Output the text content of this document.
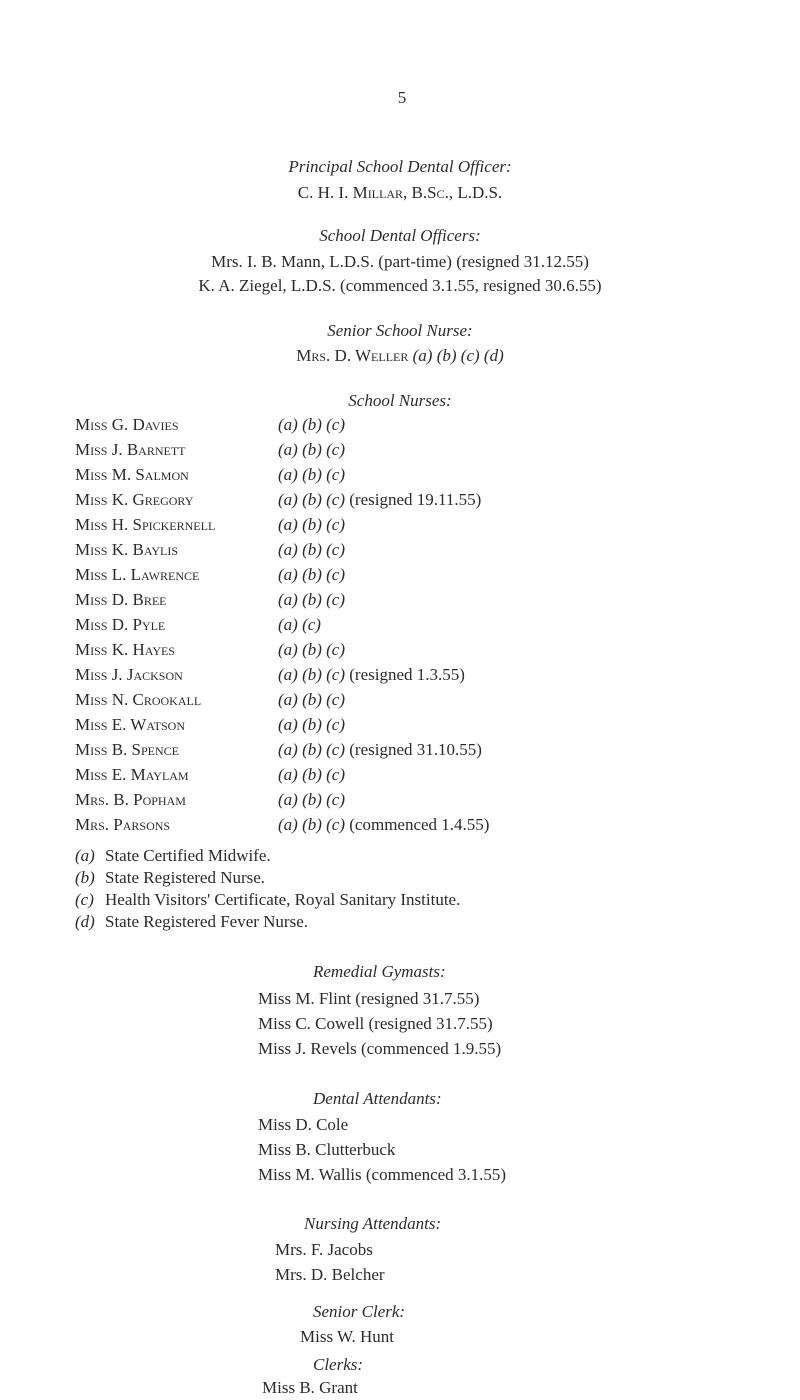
5
Principal School Dental Officer:
C. H. I. Millar, B.Sc., L.D.S.
School Dental Officers:
Mrs. I. B. Mann, L.D.S. (part-time) (resigned 31.12.55)
K. A. Ziegel, L.D.S. (commenced 3.1.55, resigned 30.6.55)
Senior School Nurse:
Mrs. D. Weller (a) (b) (c) (d)
School Nurses:
Miss G. Davies	(a) (b) (c)
Miss J. Barnett	(a) (b) (c)
Miss M. Salmon	(a) (b) (c)
Miss K. Gregory	(a) (b) (c) (resigned 19.11.55)
Miss H. Spickernell	(a) (b) (c)
Miss K. Baylis	(a) (b) (c)
Miss L. Lawrence	(a) (b) (c)
Miss D. Bree	(a) (b) (c)
Miss D. Pyle	(a) (c)
Miss K. Hayes	(a) (b) (c)
Miss J. Jackson	(a) (b) (c) (resigned 1.3.55)
Miss N. Crookall	(a) (b) (c)
Miss E. Watson	(a) (b) (c)
Miss B. Spence	(a) (b) (c) (resigned 31.10.55)
Miss E. Maylam	(a) (b) (c)
Mrs. B. Popham	(a) (b) (c)
Mrs. Parsons	(a) (b) (c) (commenced 1.4.55)
(a) State Certified Midwife.
(b) State Registered Nurse.
(c) Health Visitors' Certificate, Royal Sanitary Institute.
(d) State Registered Fever Nurse.
Remedial Gymasts:
Miss M. Flint (resigned 31.7.55)
Miss C. Cowell (resigned 31.7.55)
Miss J. Revels (commenced 1.9.55)
Dental Attendants:
Miss D. Cole
Miss B. Clutterbuck
Miss M. Wallis (commenced 3.1.55)
Nursing Attendants:
Mrs. F. Jacobs
Mrs. D. Belcher
Senior Clerk:
Miss W. Hunt
Clerks:
Miss B. Grant
